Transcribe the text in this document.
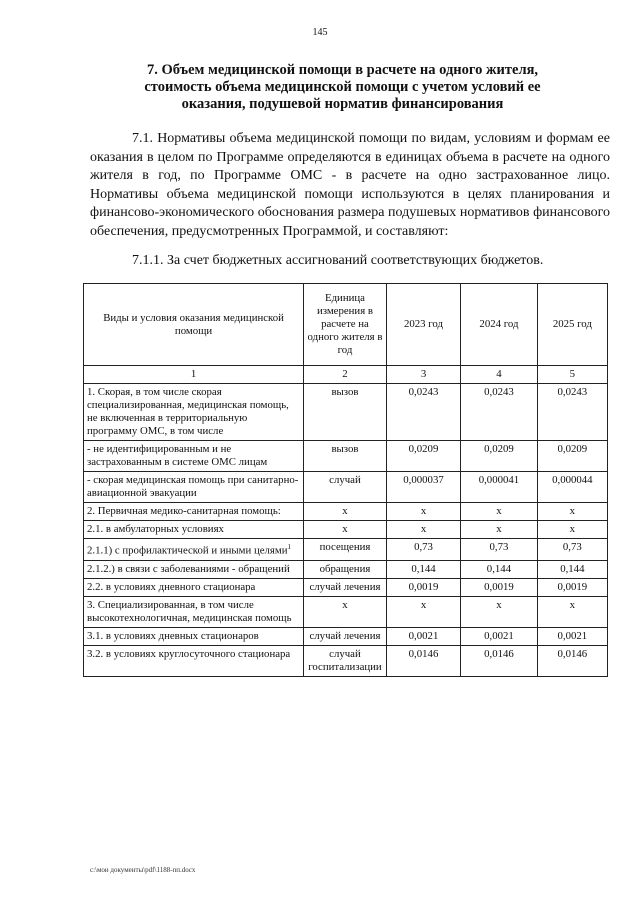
145
7. Объем медицинской помощи в расчете на одного жителя, стоимость объема медицинской помощи с учетом условий ее оказания, подушевой норматив финансирования
7.1. Нормативы объема медицинской помощи по видам, условиям и формам ее оказания в целом по Программе определяются в единицах объема в расчете на одного жителя в год, по Программе ОМС - в расчете на одно застрахованное лицо. Нормативы объема медицинской помощи используются в целях планирования и финансово-экономического обоснования размера подушевых нормативов финансового обеспечения, предусмотренных Программой, и составляют:
7.1.1. За счет бюджетных ассигнований соответствующих бюджетов.
Виды и условия оказания медицинской помощи	Единица измерения в расчете на одного жителя в год	2023 год	2024 год	2025 год
1	2	3	4	5
1. Скорая, в том числе скорая специализированная, медицинская помощь, не включенная в территориальную программу ОМС, в том числе	вызов	0,0243	0,0243	0,0243
- не идентифицированным и не застрахованным в системе ОМС лицам	вызов	0,0209	0,0209	0,0209
- скорая медицинская помощь при санитарно-авиационной эвакуации	случай	0,000037	0,000041	0,000044
2. Первичная медико-санитарная помощь:	х	х	х	х
2.1. в амбулаторных условиях	х	х	х	х
2.1.1) с профилактической и иными целями$^1$	посещения	0,73	0,73	0,73
2.1.2.) в связи с заболеваниями - обращений	обращения	0,144	0,144	0,144
2.2. в условиях дневного стационара	случай лечения	0,0019	0,0019	0,0019
3. Специализированная, в том числе высокотехнологичная, медицинская помощь	х	х	х	х
3.1. в условиях дневных стационаров	случай лечения	0,0021	0,0021	0,0021
3.2. в условиях круглосуточного стационара	случай госпитализации	0,0146	0,0146	0,0146
c:\мои документы\pdf\1188-пп.docx
